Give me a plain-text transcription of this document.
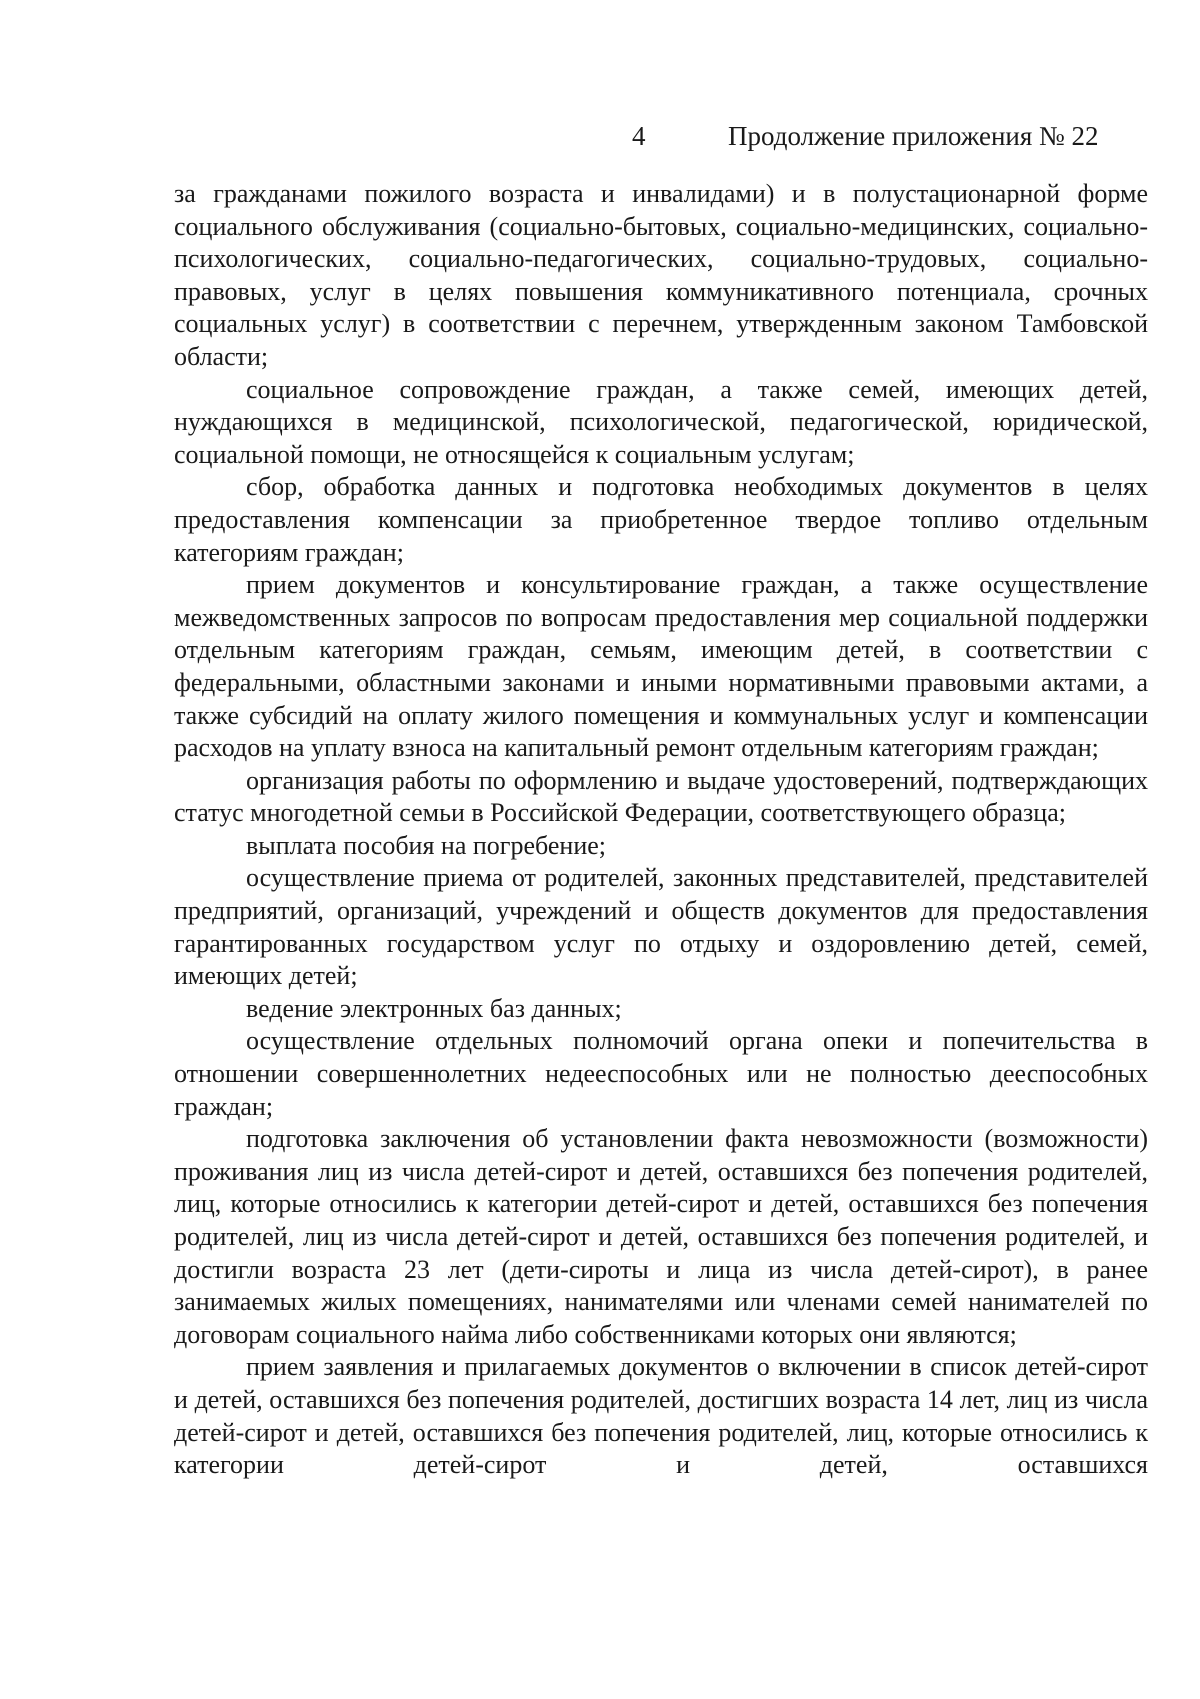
4	Продолжение приложения № 22

за гражданами пожилого возраста и инвалидами) и в полустационарной форме социального обслуживания (социально-бытовых, социально-медицинских, социально-психологических, социально-педагогических, социально-трудовых, социально-правовых, услуг в целях повышения коммуникативного потенциала, срочных социальных услуг) в соответствии с перечнем, утвержденным законом Тамбовской области;

социальное сопровождение граждан, а также семей, имеющих детей, нуждающихся в медицинской, психологической, педагогической, юридической, социальной помощи, не относящейся к социальным услугам;

сбор, обработка данных и подготовка необходимых документов в целях предоставления компенсации за приобретенное твердое топливо отдельным категориям граждан;

прием документов и консультирование граждан, а также осуществление межведомственных запросов по вопросам предоставления мер социальной поддержки отдельным категориям граждан, семьям, имеющим детей, в соответствии с федеральными, областными законами и иными нормативными правовыми актами, а также субсидий на оплату жилого помещения и коммунальных услуг и компенсации расходов на уплату взноса на капитальный ремонт отдельным категориям граждан;

организация работы по оформлению и выдаче удостоверений, подтверждающих статус многодетной семьи в Российской Федерации, соответствующего образца;

выплата пособия на погребение;

осуществление приема от родителей, законных представителей, представителей предприятий, организаций, учреждений и обществ документов для предоставления гарантированных государством услуг по отдыху и оздоровлению детей, семей, имеющих детей;

ведение электронных баз данных;

осуществление отдельных полномочий органа опеки и попечительства в отношении совершеннолетних недееспособных или не полностью дееспособных граждан;

подготовка заключения об установлении факта невозможности (возможности) проживания лиц из числа детей-сирот и детей, оставшихся без попечения родителей, лиц, которые относились к категории детей-сирот и детей, оставшихся без попечения родителей, лиц из числа детей-сирот и детей, оставшихся без попечения родителей, и достигли возраста 23 лет (дети-сироты и лица из числа детей-сирот), в ранее занимаемых жилых помещениях, нанимателями или членами семей нанимателей по договорам социального найма либо собственниками которых они являются;

прием заявления и прилагаемых документов о включении в список детей-сирот и детей, оставшихся без попечения родителей, достигших возраста 14 лет, лиц из числа детей-сирот и детей, оставшихся без попечения родителей, лиц, которые относились к категории детей-сирот и детей, оставшихся
